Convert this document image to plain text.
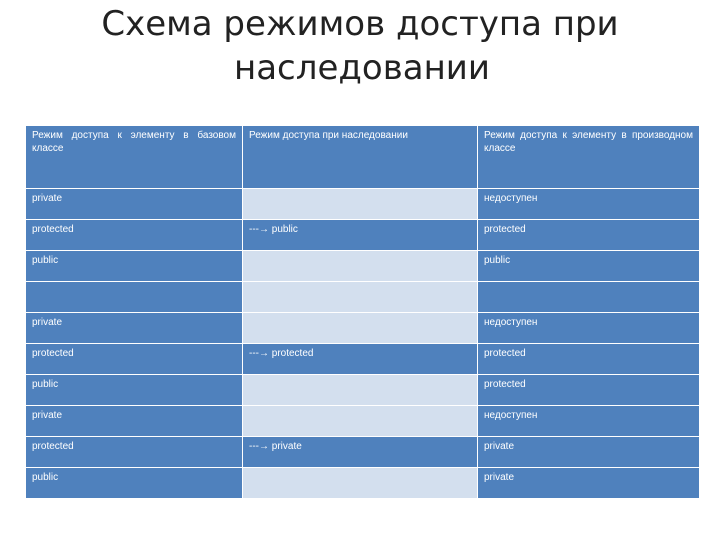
Схема режимов доступа при
наследовании
Режим доступа к элементу в базовом классе	Режим доступа при наследовании	Режим доступа к элементу в производном классе
private		недоступен
protected	---→ public	protected
public		public

private		недоступен
protected	---→ protected	protected
public		protected
private		недоступен
protected	---→ private	private
public		private
